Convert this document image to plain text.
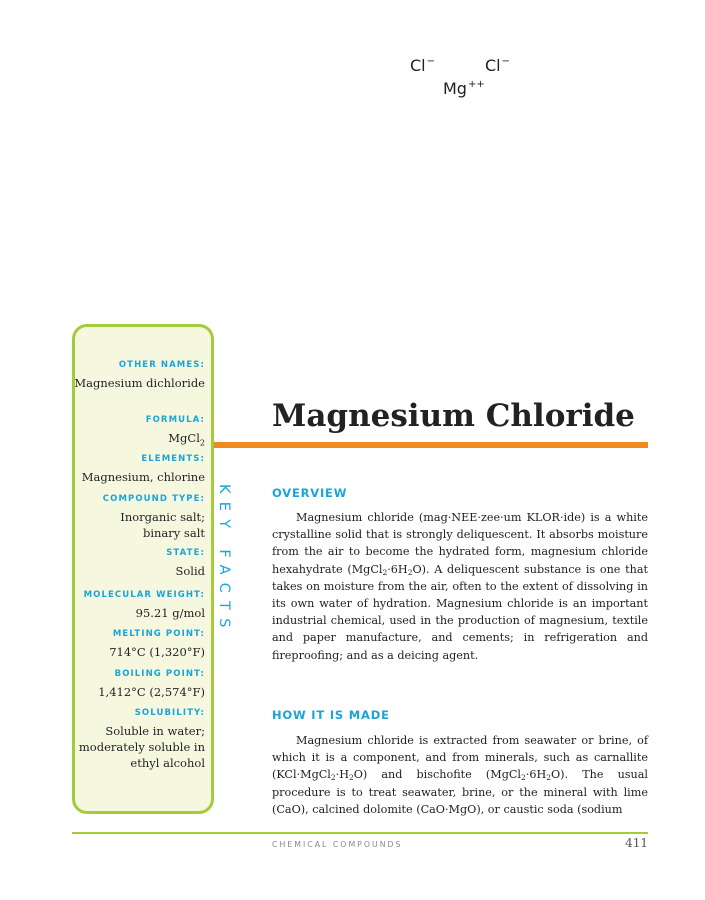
Cl−	Cl−
Mg++
OTHER NAMES:
Magnesium dichloride
FORMULA:
MgCl$_2$
ELEMENTS:
Magnesium, chlorine
COMPOUND TYPE:
Inorganic salt; binary salt
STATE:
Solid
MOLECULAR WEIGHT:
95.21 g/mol
MELTING POINT:
714°C (1,320°F)
BOILING POINT:
1,412°C (2,574°F)
SOLUBILITY:
Soluble in water; moderately soluble in ethyl alcohol
KEY FACTS
Magnesium Chloride
OVERVIEW

Magnesium chloride (mag·NEE·zee·um KLOR·ide) is a white crystalline solid that is strongly deliquescent. It absorbs moisture from the air to become the hydrated form, magnesium chloride hexahydrate $(MgCl_2\cdot 6H_2O)$. A deliquescent substance is one that takes on moisture from the air, often to the extent of dissolving in its own water of hydration. Magnesium chloride is an important industrial chemical, used in the production of magnesium, textile and paper manufacture, and cements; in refrigeration and fireproofing; and as a deicing agent.

HOW IT IS MADE

Magnesium chloride is extracted from seawater or brine, of which it is a component, and from minerals, such as carnallite $(KCl\cdot MgCl_2\cdot H_2O)$ and bischofite $(MgCl_2\cdot 6H_2O)$. The usual procedure is to treat seawater, brine, or the mineral with lime (CaO), calcined dolomite (CaO·MgO), or caustic soda (sodium

CHEMICAL COMPOUNDS	411
